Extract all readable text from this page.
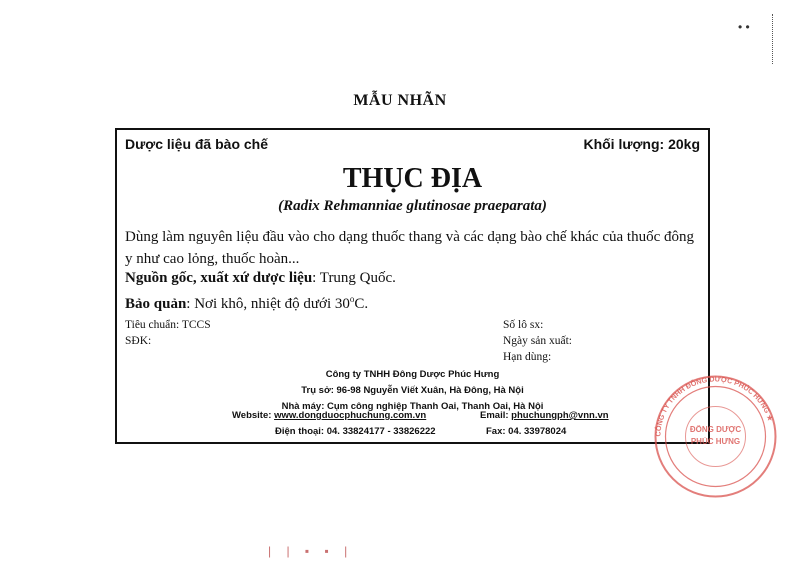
MẪU NHÃN
Dược liệu đã bào chế	Khối lượng: 20kg
THỤC ĐỊA
(Radix Rehmanniae glutinosae praeparata)
Dùng làm nguyên liệu đầu vào cho dạng thuốc thang và các dạng bào chế khác của thuốc đông y như cao lỏng, thuốc hoàn...
Nguồn gốc, xuất xứ dược liệu: Trung Quốc.
Bảo quản: Nơi khô, nhiệt độ dưới 30$^o$C.
Tiêu chuẩn: TCCS
SĐK:
Số lô sx:
Ngày sản xuất:
Hạn dùng:
Công ty TNHH Đông Dược Phúc Hưng
Trụ sở: 96-98 Nguyễn Viết Xuân, Hà Đông, Hà Nội
Nhà máy: Cụm công nghiệp Thanh Oai, Thanh Oai, Hà Nội
Website: www.dongduocphuchung.com.vn	Email: phuchungph@vnn.vn
Điện thoại: 04. 33824177 - 33826222	Fax: 04. 33978024	CÔNG TY TNHH ĐÔNG DƯỢC PHÚC HƯNG ★
ĐÔNG DƯỢC
PHÚC HƯNG
• •
| | ▪ ▪ |
